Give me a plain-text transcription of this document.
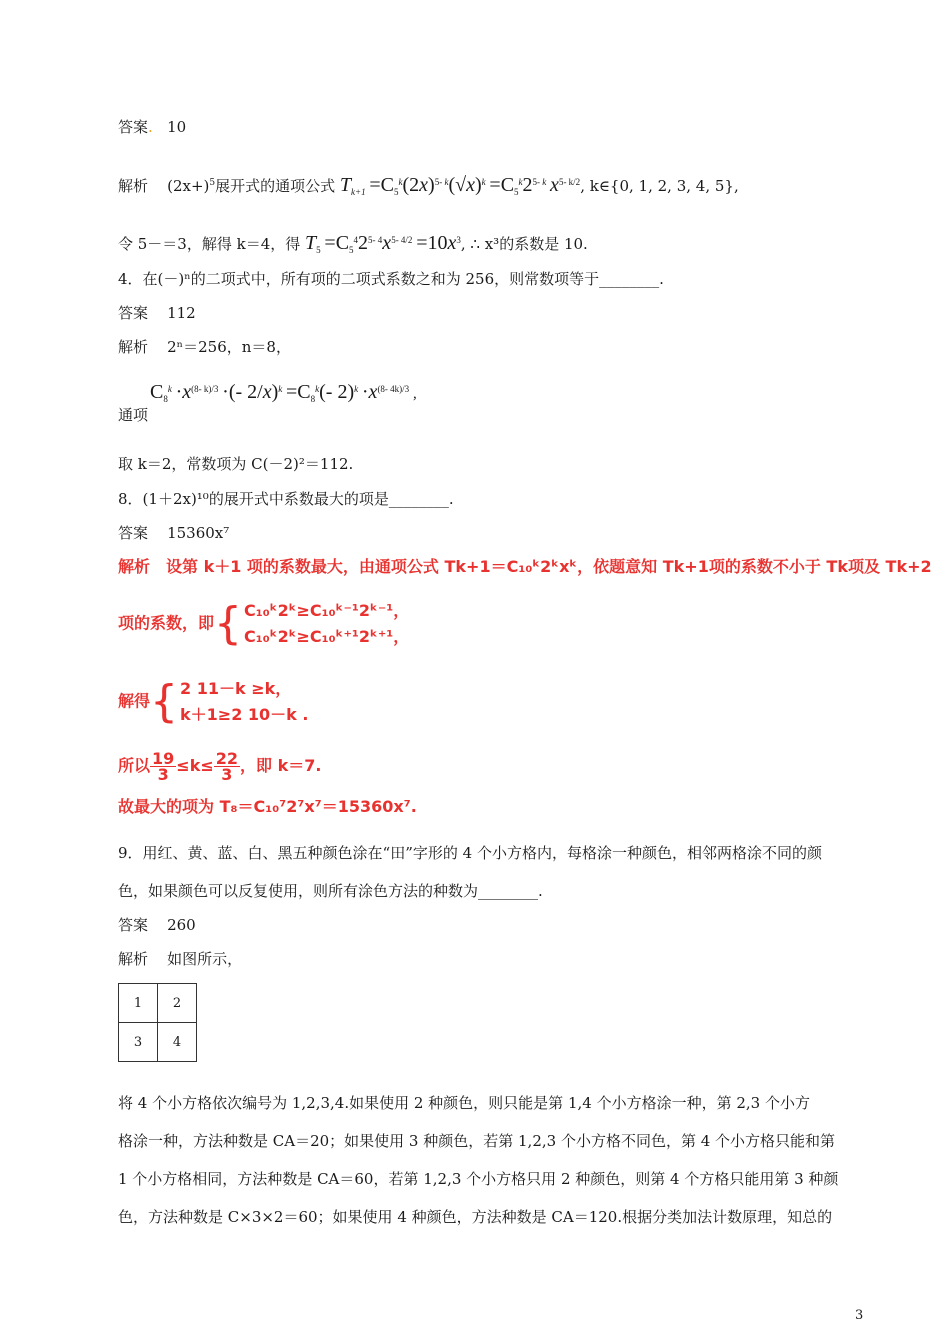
答案. 10
解析 $(2x+)^5$展开式的通项公式 $T_{k+1} =C_5^k(2x)^{5- k}(√x)^k =C_5^k2^{5- k}$ $x^{5- k/2}$, k∈{0, 1, 2, 3, 4, 5},
令 5－＝3，解得 k＝4，得 $T_5 =C_5^42^{5- 4}x^{5- 4/2} =10x^3$, ∴ x³的系数是 10.
4．在(－)ⁿ的二项式中，所有项的二项式系数之和为 256，则常数项等于________.
答案 112
解析 2ⁿ＝256，n＝8，
$C_8^k \cdot x^{(8- k)/3}$ ·(- $2/x)^k =C_8^k(-$ $2)^k \cdot x^{(8- 4k)/3}$ ,
通项
取 k＝2，常数项为 C(－2)²＝112.
8．(1＋2x)¹⁰的展开式中系数最大的项是________.
答案 15360x⁷
解析　设第 k＋1 项的系数最大，由通项公式 Tk+1＝C₁₀ᵏ2ᵏxᵏ，依题意知 Tk+1项的系数不小于 Tk项及 Tk+2
项的系数，即{ C₁₀ᵏ2ᵏ≥C₁₀ᵏ⁻¹2ᵏ⁻¹，
C₁₀ᵏ2ᵏ≥C₁₀ᵏ⁺¹2ᵏ⁺¹，
解得{ 2 11－k ≥k，
k＋1≥2 10－k .
所以 $\frac{19}{3} \le k\le \frac{22}{3}$ ，即 k＝7.
故最大的项为 T₈＝C₁₀⁷2⁷x⁷＝15360x⁷.
9．用红、黄、蓝、白、黑五种颜色涂在“田”字形的 4 个小方格内，每格涂一种颜色，相邻两格涂不同的颜
色，如果颜色可以反复使用，则所有涂色方法的种数为________.
答案 260
解析 如图所示，
1	2
3	4
将 4 个小方格依次编号为 1,2,3,4.如果使用 2 种颜色，则只能是第 1,4 个小方格涂一种，第 2,3 个小方
格涂一种，方法种数是 CA＝20；如果使用 3 种颜色，若第 1,2,3 个小方格不同色，第 4 个小方格只能和第
1 个小方格相同，方法种数是 CA＝60，若第 1,2,3 个小方格只用 2 种颜色，则第 4 个方格只能用第 3 种颜
色，方法种数是 C×3×2＝60；如果使用 4 种颜色，方法种数是 CA＝120.根据分类加法计数原理，知总的
3
